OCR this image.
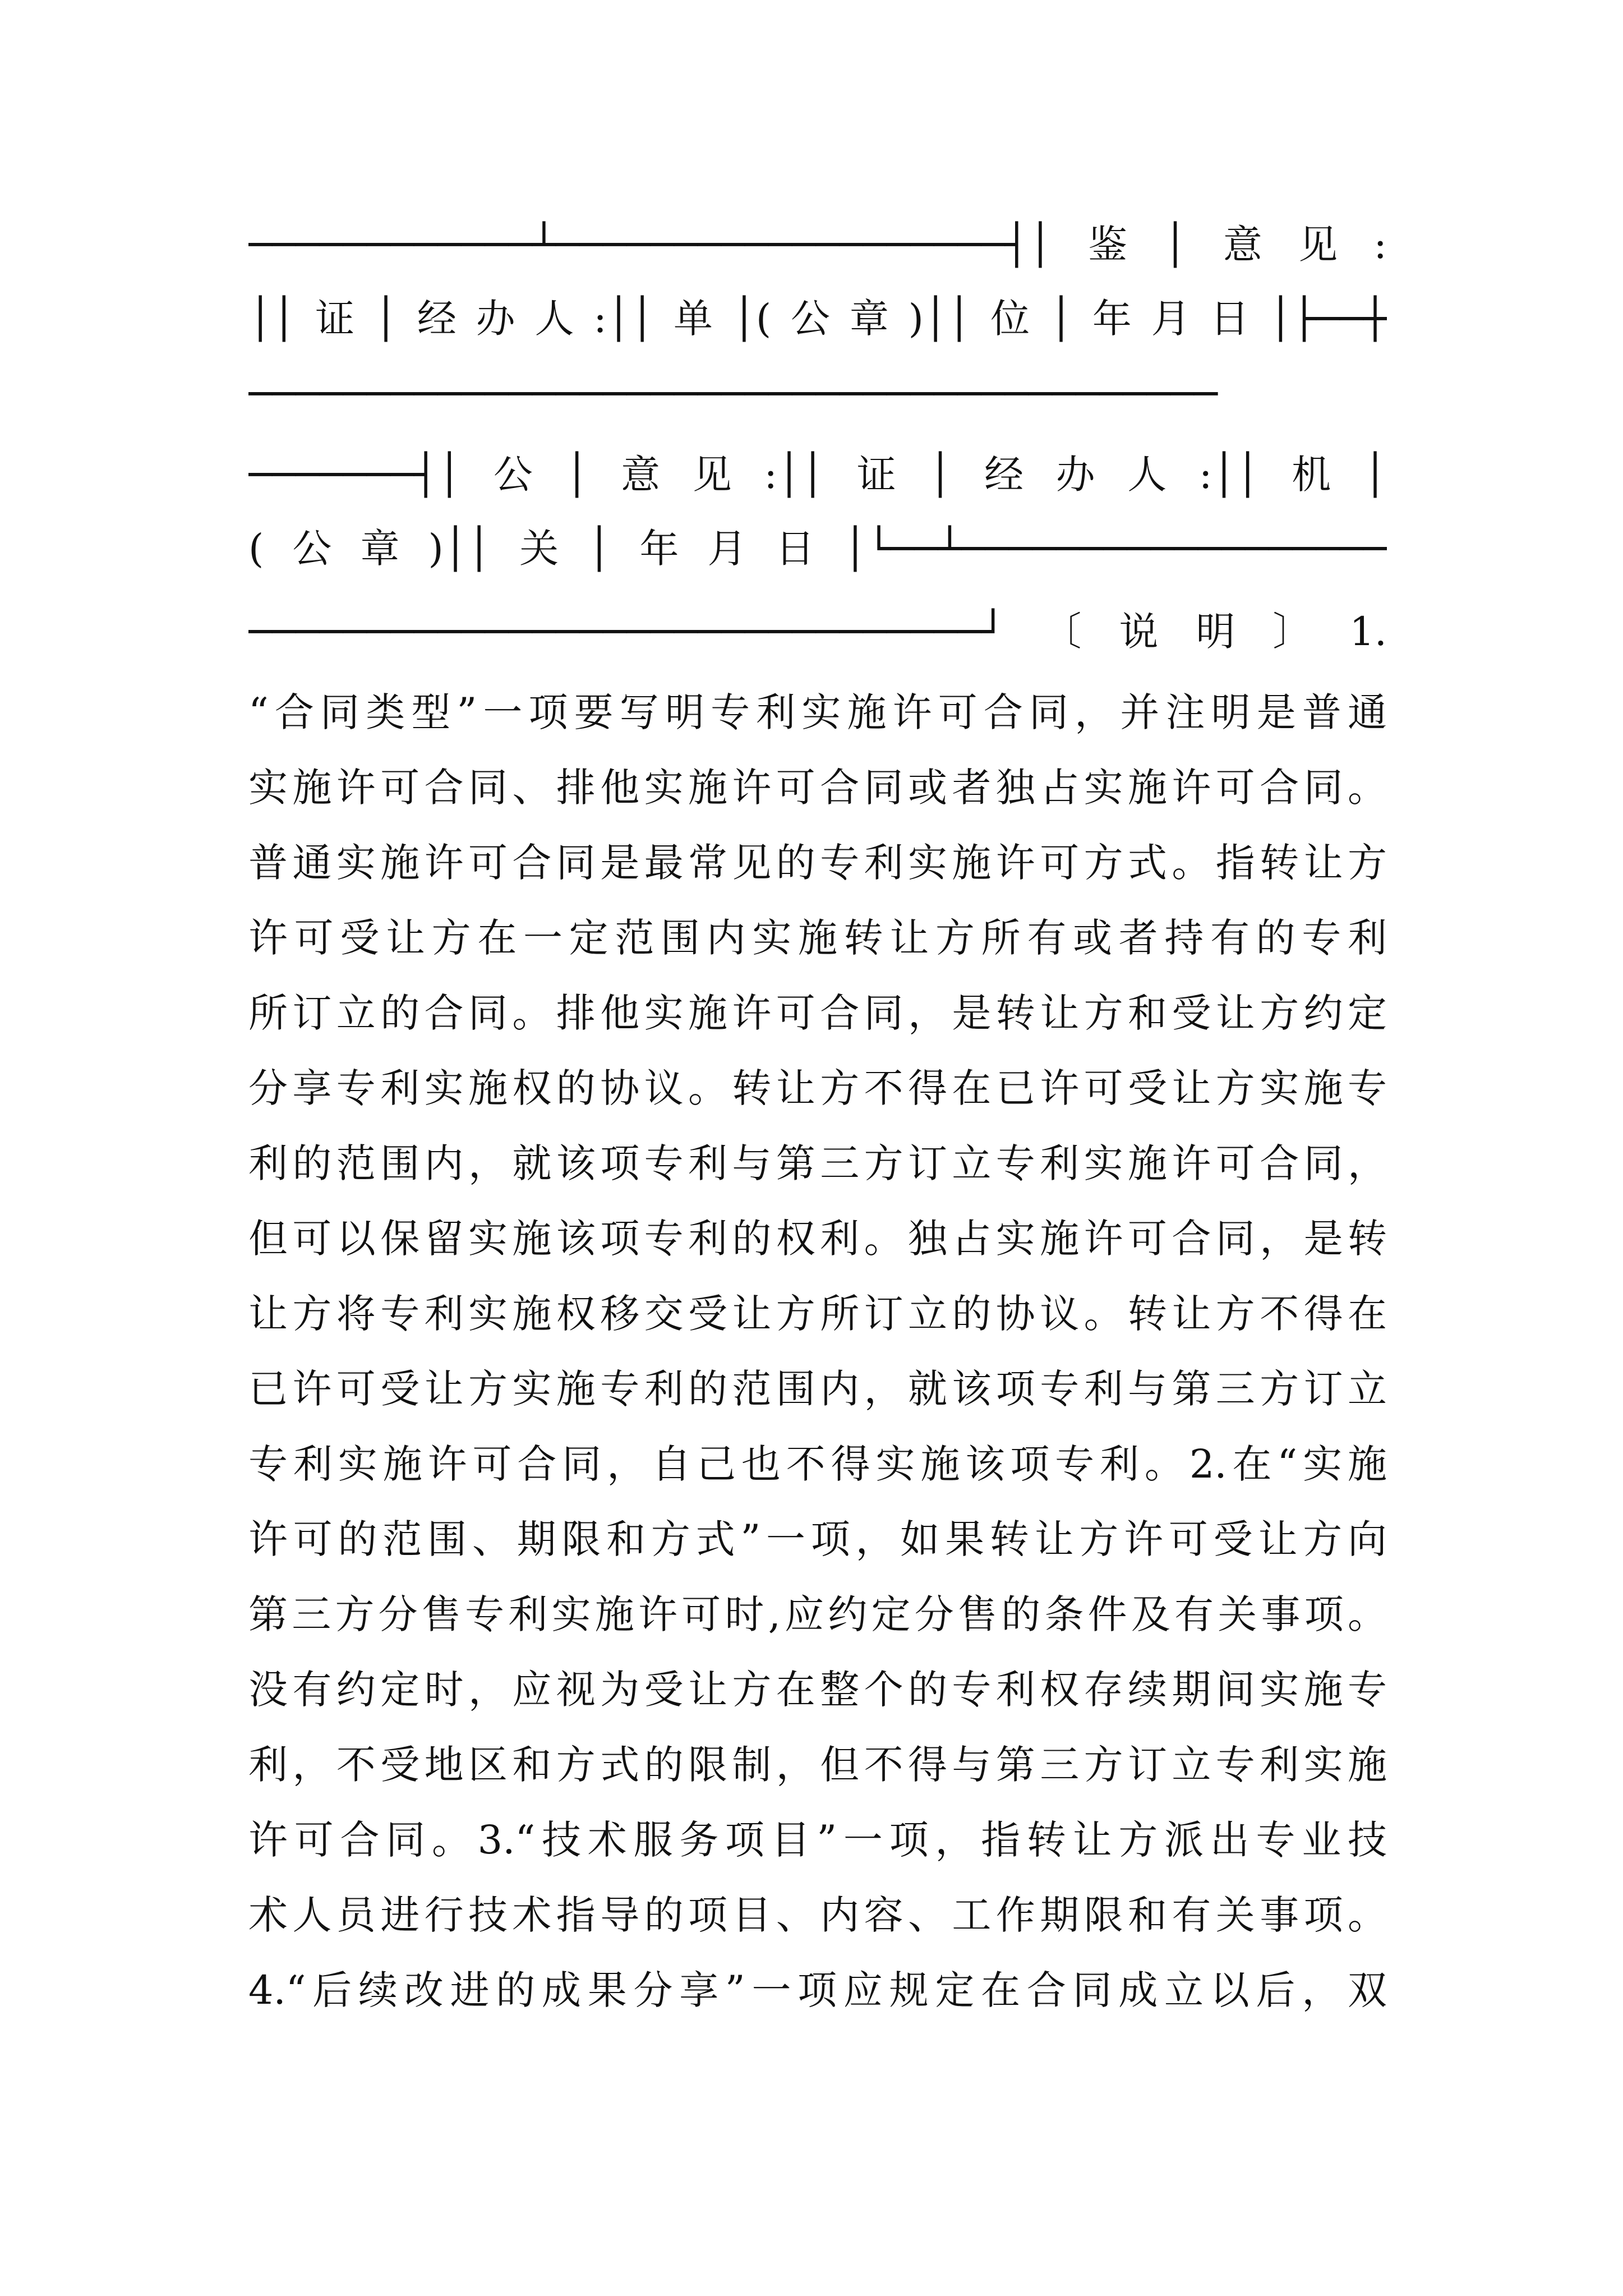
────────────┴───────────────────┤│鉴│意见:
││证│经办人:││单│(公章)││位│年月日│├──┼
─────────────────────────────────────────
───────┤│公│意见:││证│经办人:││机│
(公章)││关│年月日│└──┴──────────────────
───────────────────────────────┘〔说明〕1.
“合同类型”一项要写明专利实施许可合同，并注明是普通
实施许可合同、排他实施许可合同或者独占实施许可合同。
普通实施许可合同是最常见的专利实施许可方式。指转让方
许可受让方在一定范围内实施转让方所有或者持有的专利
所订立的合同。排他实施许可合同，是转让方和受让方约定
分享专利实施权的协议。转让方不得在已许可受让方实施专
利的范围内，就该项专利与第三方订立专利实施许可合同，
但可以保留实施该项专利的权利。独占实施许可合同，是转
让方将专利实施权移交受让方所订立的协议。转让方不得在
已许可受让方实施专利的范围内，就该项专利与第三方订立
专利实施许可合同，自己也不得实施该项专利。2.在“实施
许可的范围、期限和方式”一项，如果转让方许可受让方向
第三方分售专利实施许可时,应约定分售的条件及有关事项。
没有约定时，应视为受让方在整个的专利权存续期间实施专
利，不受地区和方式的限制，但不得与第三方订立专利实施
许可合同。3.“技术服务项目”一项，指转让方派出专业技
术人员进行技术指导的项目、内容、工作期限和有关事项。
4.“后续改进的成果分享”一项应规定在合同成立以后，双
